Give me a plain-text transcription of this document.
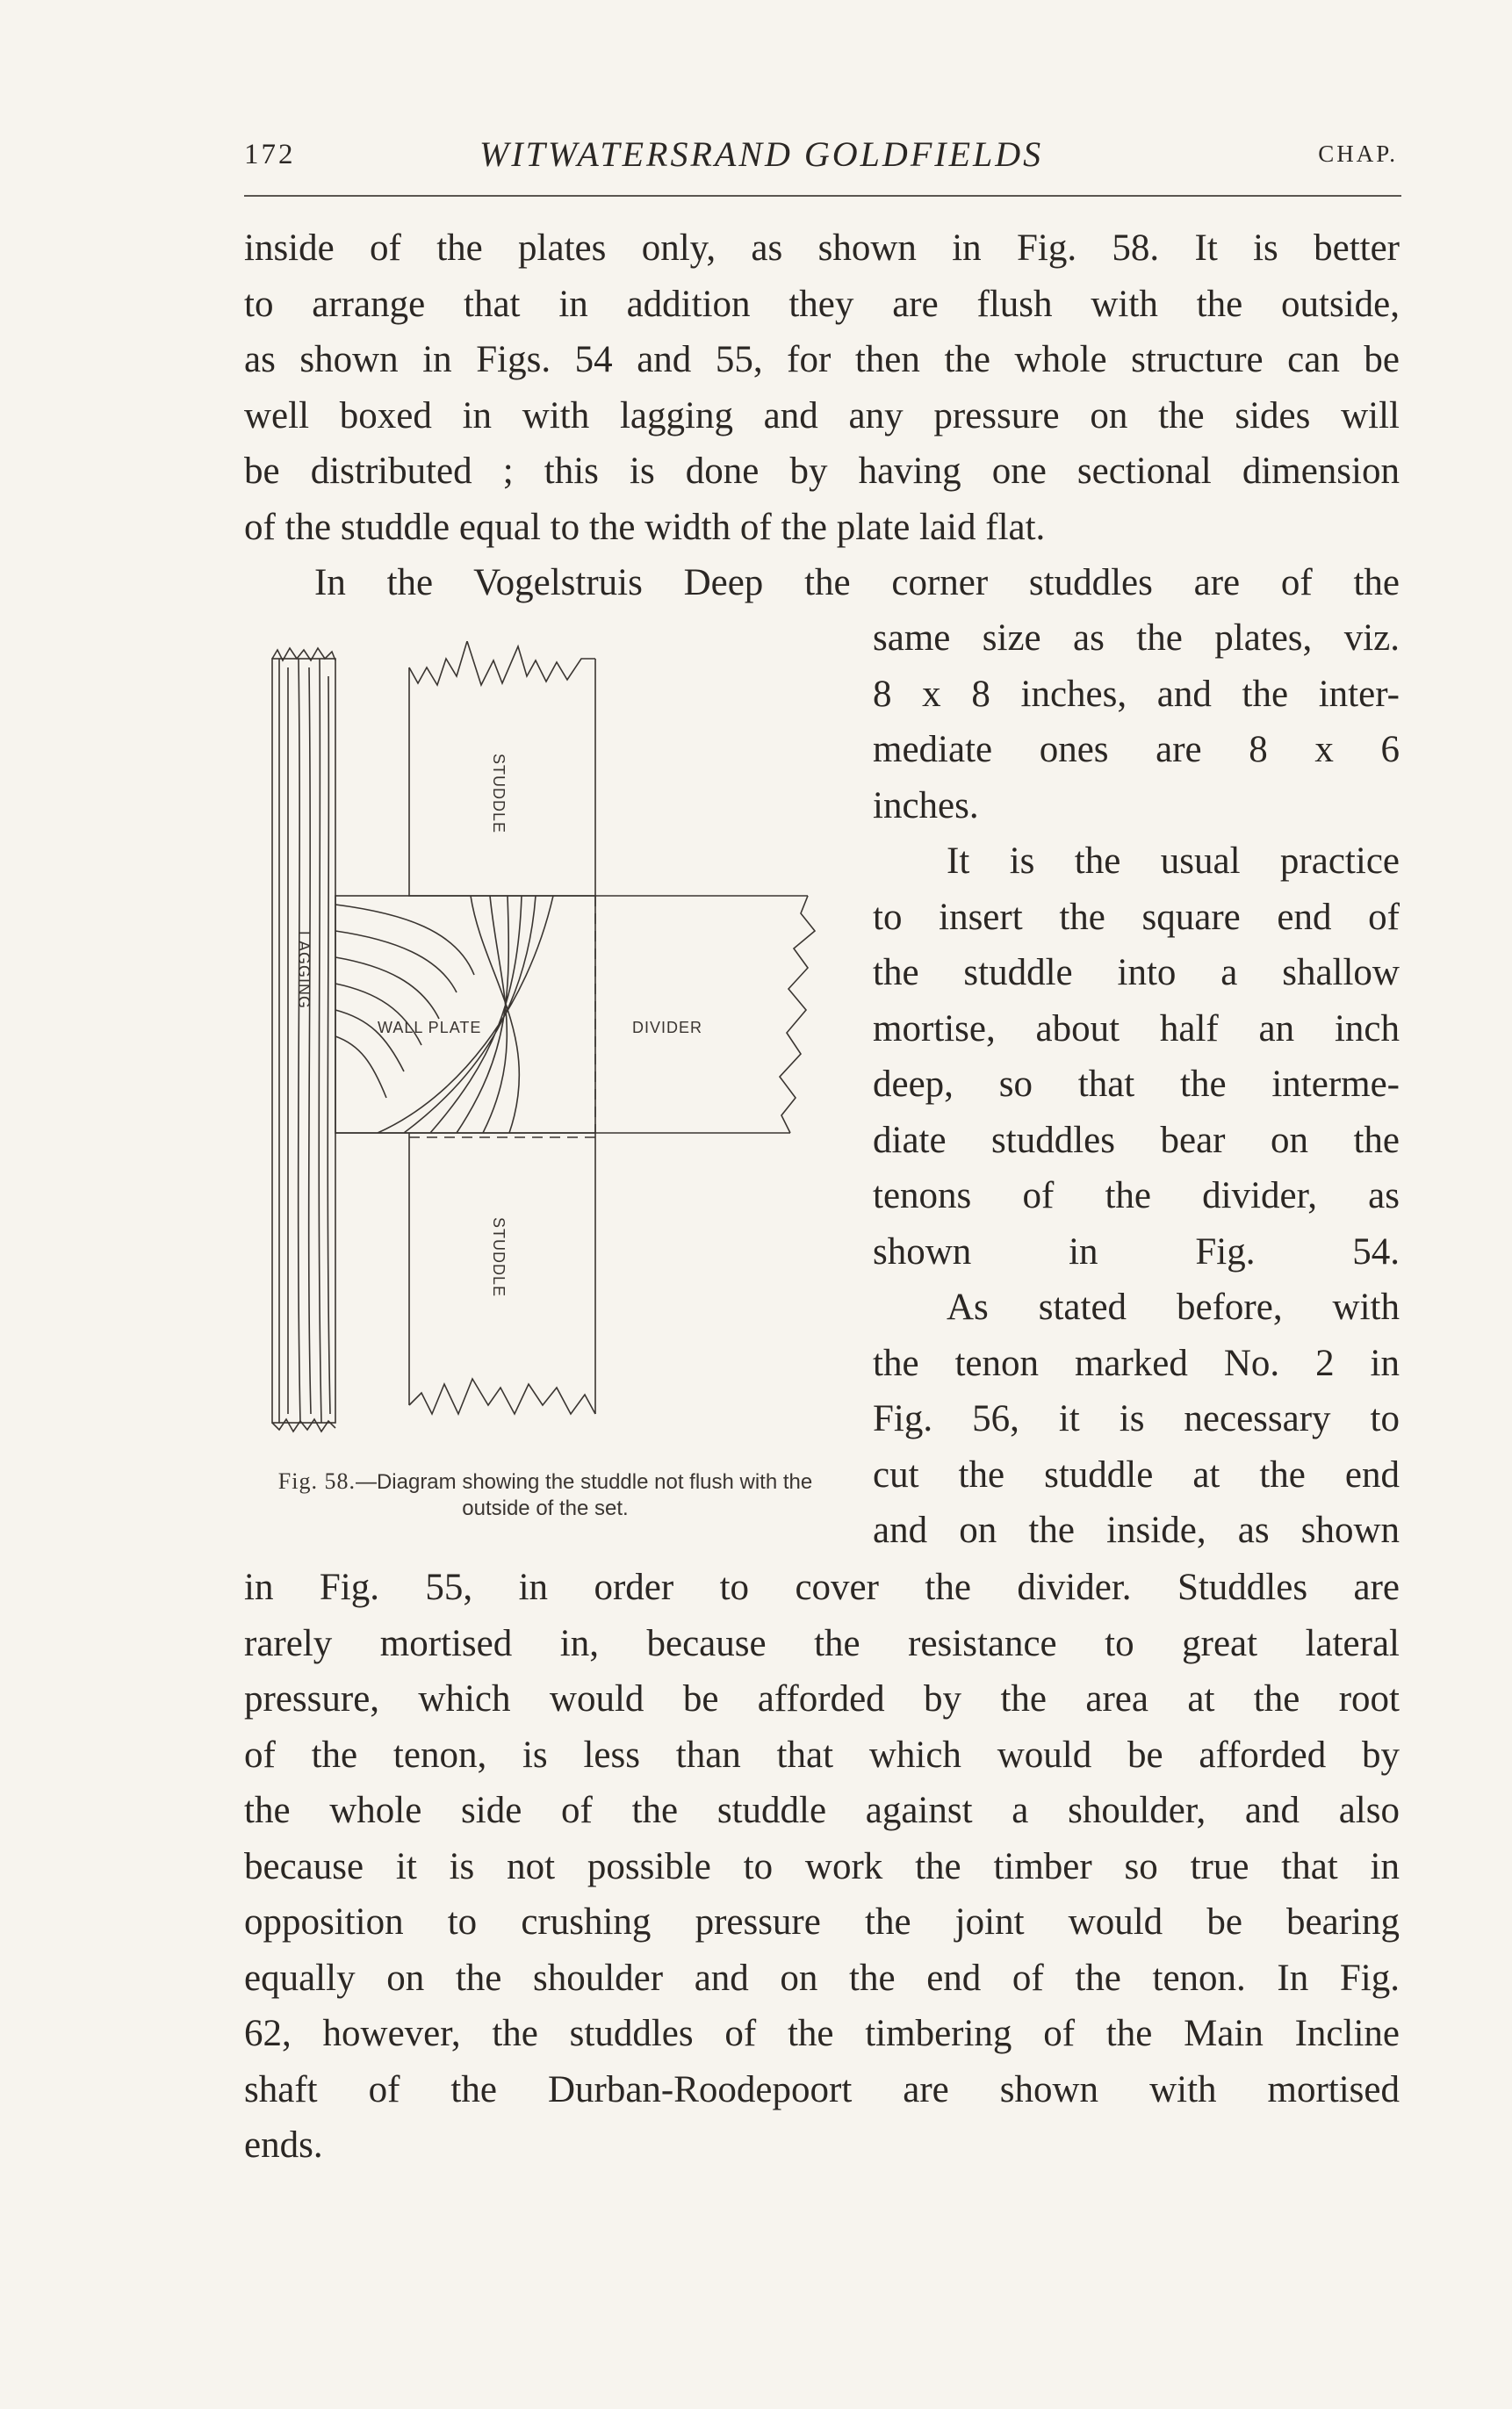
172	WITWATERSRAND GOLDFIELDS	CHAP.
inside of the plates only, as shown in Fig. 58. It is better
to arrange that in addition they are flush with the outside,
as shown in Figs. 54 and 55, for then the whole structure can be
well boxed in with lagging and any pressure on the sides will
be distributed ; this is done by having one sectional dimension
of the studdle equal to the width of the plate laid flat.
In the Vogelstruis Deep the corner studdles are of the
same size as the plates, viz.
8 x 8 inches, and the inter-
mediate ones are 8 x 6
inches.
It is the usual practice
to insert the square end of
the studdle into a shallow
mortise, about half an inch
deep, so that the interme-
diate studdles bear on the
tenons of the divider, as
shown in Fig. 54.
As stated before, with
the tenon marked No. 2 in
Fig. 56, it is necessary to
cut the studdle at the end
and on the inside, as shown
STUDDLE
STUDDLE
LAGGING
WALL PLATE	DIVIDER
Fig. 58.—Diagram showing the studdle not flush with the outside of the set.
in Fig. 55, in order to cover the divider. Studdles are
rarely mortised in, because the resistance to great lateral
pressure, which would be afforded by the area at the root
of the tenon, is less than that which would be afforded by
the whole side of the studdle against a shoulder, and also
because it is not possible to work the timber so true that in
opposition to crushing pressure the joint would be bearing
equally on the shoulder and on the end of the tenon. In Fig.
62, however, the studdles of the timbering of the Main Incline
shaft of the Durban-Roodepoort are shown with mortised
ends.
